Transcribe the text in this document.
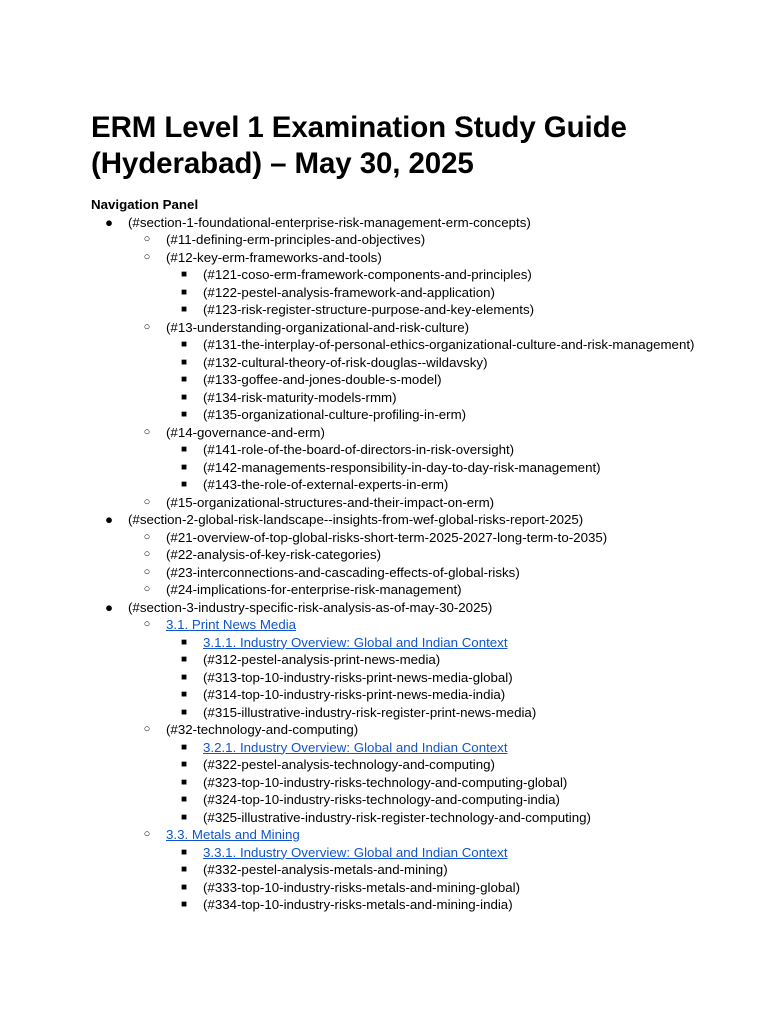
ERM Level 1 Examination Study Guide (Hyderabad) – May 30, 2025
Navigation Panel
● (#section-1-foundational-enterprise-risk-management-erm-concepts)
○ (#11-defining-erm-principles-and-objectives)
○ (#12-key-erm-frameworks-and-tools)
■ (#121-coso-erm-framework-components-and-principles)
■ (#122-pestel-analysis-framework-and-application)
■ (#123-risk-register-structure-purpose-and-key-elements)
○ (#13-understanding-organizational-and-risk-culture)
■ (#131-the-interplay-of-personal-ethics-organizational-culture-and-risk-management)
■ (#132-cultural-theory-of-risk-douglas--wildavsky)
■ (#133-goffee-and-jones-double-s-model)
■ (#134-risk-maturity-models-rmm)
■ (#135-organizational-culture-profiling-in-erm)
○ (#14-governance-and-erm)
■ (#141-role-of-the-board-of-directors-in-risk-oversight)
■ (#142-managements-responsibility-in-day-to-day-risk-management)
■ (#143-the-role-of-external-experts-in-erm)
○ (#15-organizational-structures-and-their-impact-on-erm)
● (#section-2-global-risk-landscape--insights-from-wef-global-risks-report-2025)
○ (#21-overview-of-top-global-risks-short-term-2025-2027-long-term-to-2035)
○ (#22-analysis-of-key-risk-categories)
○ (#23-interconnections-and-cascading-effects-of-global-risks)
○ (#24-implications-for-enterprise-risk-management)
● (#section-3-industry-specific-risk-analysis-as-of-may-30-2025)
○ 3.1. Print News Media
■ 3.1.1. Industry Overview: Global and Indian Context
■ (#312-pestel-analysis-print-news-media)
■ (#313-top-10-industry-risks-print-news-media-global)
■ (#314-top-10-industry-risks-print-news-media-india)
■ (#315-illustrative-industry-risk-register-print-news-media)
○ (#32-technology-and-computing)
■ 3.2.1. Industry Overview: Global and Indian Context
■ (#322-pestel-analysis-technology-and-computing)
■ (#323-top-10-industry-risks-technology-and-computing-global)
■ (#324-top-10-industry-risks-technology-and-computing-india)
■ (#325-illustrative-industry-risk-register-technology-and-computing)
○ 3.3. Metals and Mining
■ 3.3.1. Industry Overview: Global and Indian Context
■ (#332-pestel-analysis-metals-and-mining)
■ (#333-top-10-industry-risks-metals-and-mining-global)
■ (#334-top-10-industry-risks-metals-and-mining-india)
